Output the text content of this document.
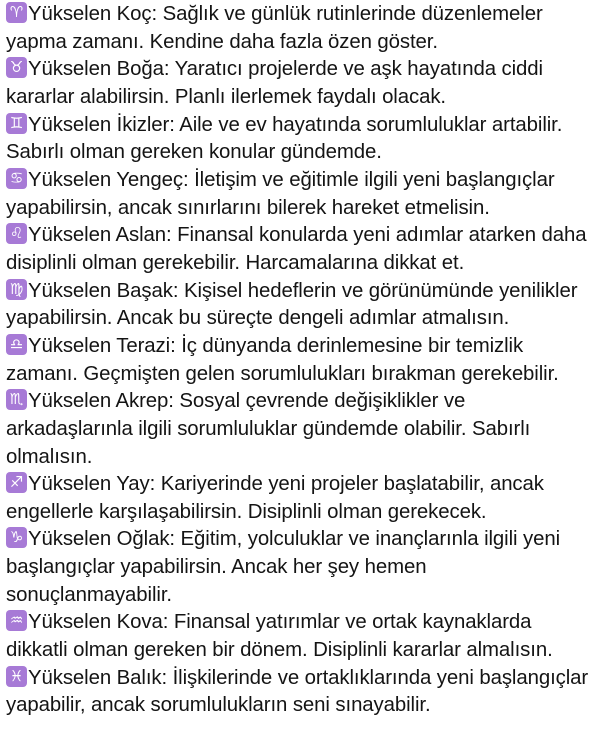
♈ Yükselen Koç: Sağlık ve günlük rutinlerinde düzenlemeler yapma zamanı. Kendine daha fazla özen göster.

♉ Yükselen Boğa: Yaratıcı projelerde ve aşk hayatında ciddi kararlar alabilirsin. Planlı ilerlemek faydalı olacak.

♊ Yükselen İkizler: Aile ve ev hayatında sorumluluklar artabilir. Sabırlı olman gereken konular gündemde.

♋ Yükselen Yengeç: İletişim ve eğitimle ilgili yeni başlangıçlar yapabilirsin, ancak sınırlarını bilerek hareket etmelisin.

♌ Yükselen Aslan: Finansal konularda yeni adımlar atarken daha disiplinli olman gerekebilir. Harcamalarına dikkat et.

♍ Yükselen Başak: Kişisel hedeflerin ve görünümünde yenilikler yapabilirsin. Ancak bu süreçte dengeli adımlar atmalısın.

♎ Yükselen Terazi: İç dünyanda derinlemesine bir temizlik zamanı. Geçmişten gelen sorumlulukları bırakman gerekebilir.

♏ Yükselen Akrep: Sosyal çevrende değişiklikler ve arkadaşlarınla ilgili sorumluluklar gündemde olabilir. Sabırlı olmalısın.

♐ Yükselen Yay: Kariyerinde yeni projeler başlatabilir, ancak engellerle karşılaşabilirsin. Disiplinli olman gerekecek.

♑ Yükselen Oğlak: Eğitim, yolculuklar ve inançlarınla ilgili yeni başlangıçlar yapabilirsin. Ancak her şey hemen sonuçlanmayabilir.

♒ Yükselen Kova: Finansal yatırımlar ve ortak kaynaklarda dikkatli olman gereken bir dönem. Disiplinli kararlar almalısın.

♓ Yükselen Balık: İlişkilerinde ve ortaklıklarında yeni başlangıçlar yapabilir, ancak sorumlulukların seni sınayabilir.
